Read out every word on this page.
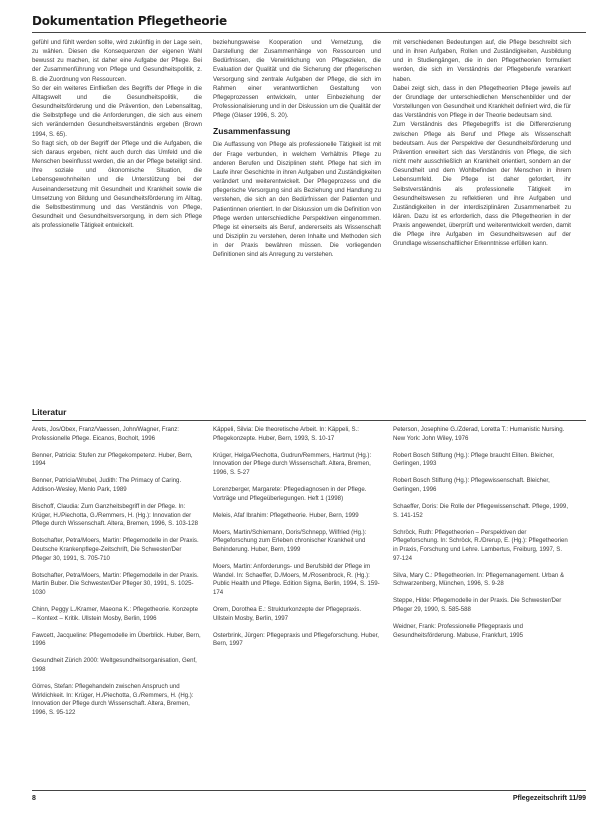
Dokumentation Pflegetheorie

gefühl und fühlt werden sollte, wird zukünftig in der Lage sein, zu wählen. Diesen die Konsequenzen der eigenen Wahl bewusst zu machen, ist daher eine Aufgabe der Pflege. Bei der Zusammenführung von Pflege und Gesundheitspolitik, z. B. die Zuordnung von Ressourcen.

So der ein weiteres Einfließen des Begriffs der Pflege in die Alltagswelt und die Gesundheitspolitik, die Gesundheitsförderung und die Prävention, den Lebensalltag, die Selbstpflege und die Anforderungen, die sich aus einem sich verändernden Gesundheitsverständnis ergeben (Brown 1994, S. 65).

So fragt sich, ob der Begriff der Pflege und die Aufgaben, die sich daraus ergeben, nicht auch durch das Umfeld und die Menschen beeinflusst werden, die an der Pflege beteiligt sind. Ihre soziale und ökonomische Situation, die Lebensgewohnheiten und die Unterstützung bei der Auseinandersetzung mit Gesundheit und Krankheit sowie die Umsetzung von Bildung und Gesundheitsförderung im Alltag, die Selbstbestimmung und das Verständnis von Pflege, Gesundheit und Gesundheitsversorgung, in dem sich Pflege als professionelle Tätigkeit entwickelt.

beziehungsweise Kooperation und Vernetzung, die Darstellung der Zusammenhänge von Ressourcen und Bedürfnissen, die Verwirklichung von Pflegezielen, die Evaluation der Qualität und die Sicherung der pflegerischen Versorgung sind zentrale Aufgaben der Pflege, die sich im Rahmen einer verantwortlichen Gestaltung von Pflegeprozessen entwickeln, unter Einbeziehung der Professionalisierung und in der Diskussion um die Qualität der Pflege (Glaser 1996, S. 20).

Zusammenfassung

Die Auffassung von Pflege als professionelle Tätigkeit ist mit der Frage verbunden, in welchem Verhältnis Pflege zu anderen Berufen und Disziplinen steht. Pflege hat sich im Laufe ihrer Geschichte in ihren Aufgaben und Zuständigkeiten verändert und weiterentwickelt. Der Pflegeprozess und die pflegerische Versorgung sind als Beziehung und Handlung zu verstehen, die sich an den Bedürfnissen der Patienten und Patientinnen orientiert. In der Diskussion um die Definition von Pflege werden unterschiedliche Perspektiven eingenommen. Pflege ist einerseits als Beruf, andererseits als Wissenschaft und Disziplin zu verstehen, deren Inhalte und Methoden sich in der Praxis bewähren müssen. Die vorliegenden Definitionen sind als Anregung zu verstehen.

mit verschiedenen Bedeutungen auf, die Pflege beschreibt sich und in ihren Aufgaben, Rollen und Zuständigkeiten, Ausbildung und in Studiengängen, die in den Pflegetheorien formuliert werden, die sich im Verständnis der Pflegeberufe verankert haben.

Dabei zeigt sich, dass in den Pflegetheorien Pflege jeweils auf der Grundlage der unterschiedlichen Menschenbilder und der Vorstellungen von Gesundheit und Krankheit definiert wird, die für das Verständnis von Pflege in der Theorie bedeutsam sind.

Zum Verständnis des Pflegebegriffs ist die Differenzierung zwischen Pflege als Beruf und Pflege als Wissenschaft bedeutsam. Aus der Perspektive der Gesundheitsförderung und Prävention erweitert sich das Verständnis von Pflege, die sich nicht mehr ausschließlich an Krankheit orientiert, sondern an der Gesundheit und dem Wohlbefinden der Menschen in ihrem Lebensumfeld. Die Pflege ist daher gefordert, ihr Selbstverständnis als professionelle Tätigkeit im Gesundheitswesen zu reflektieren und ihre Aufgaben und Zuständigkeiten in der interdisziplinären Zusammenarbeit zu klären. Dazu ist es erforderlich, dass die Pflegetheorien in der Praxis angewendet, überprüft und weiterentwickelt werden, damit die Pflege ihre Aufgaben im Gesundheitswesen auf der Grundlage wissenschaftlicher Erkenntnisse erfüllen kann.

Literatur

Arets, Jos/Obex, Franz/Vaessen, John/Wagner, Franz: Professionelle Pflege. Eicanos, Bocholt, 1996

Benner, Patricia: Stufen zur Pflegekompetenz. Huber, Bern, 1994

Benner, Patricia/Wrubel, Judith: The Primacy of Caring. Addison-Wesley, Menlo Park, 1989

Bischoff, Claudia: Zum Ganzheitsbegriff in der Pflege. In: Krüger, H./Piechotta, G./Remmers, H. (Hg.): Innovation der Pflege durch Wissenschaft. Altera, Bremen, 1996, S. 103-128

Botschafter, Petra/Moers, Martin: Pflegemodelle in der Praxis. Deutsche Krankenpflege-Zeitschrift, Die Schwester/Der Pfleger 30, 1991, S. 705-710

Botschafter, Petra/Moers, Martin: Pflegemodelle in der Praxis. Martin Buber. Die Schwester/Der Pfleger 30, 1991, S. 1025-1030

Chinn, Peggy L./Kramer, Maeona K.: Pflegetheorie. Konzepte – Kontext – Kritik. Ullstein Mosby, Berlin, 1996

Fawcett, Jacqueline: Pflegemodelle im Überblick. Huber, Bern, 1996

Gesundheit Zürich 2000: Weltgesundheitsorganisation, Genf, 1998

Görres, Stefan: Pflegehandeln zwischen Anspruch und Wirklichkeit. In: Krüger, H./Piechotta, G./Remmers, H. (Hg.): Innovation der Pflege durch Wissenschaft. Altera, Bremen, 1996, S. 95-122

Käppeli, Silvia: Die theoretische Arbeit. In: Käppeli, S.: Pflegekonzepte. Huber, Bern, 1993, S. 10-17

Krüger, Helga/Piechotta, Gudrun/Remmers, Hartmut (Hg.): Innovation der Pflege durch Wissenschaft. Altera, Bremen, 1996, S. 5-27

Lorenzberger, Margarete: Pflegediagnosen in der Pflege. Vorträge und Pflegeüberlegungen. Heft 1 (1998)

Meleis, Afaf Ibrahim: Pflegetheorie. Huber, Bern, 1999

Moers, Martin/Schiemann, Doris/Schnepp, Wilfried (Hg.): Pflegeforschung zum Erleben chronischer Krankheit und Behinderung. Huber, Bern, 1999

Moers, Martin: Anforderungs- und Berufsbild der Pflege im Wandel. In: Schaeffer, D./Moers, M./Rosenbrock, R. (Hg.): Public Health und Pflege. Edition Sigma, Berlin, 1994, S. 159-174

Orem, Dorothea E.: Strukturkonzepte der Pflegepraxis. Ullstein Mosby, Berlin, 1997

Osterbrink, Jürgen: Pflegepraxis und Pflegeforschung. Huber, Bern, 1997

Peterson, Josephine G./Zderad, Loretta T.: Humanistic Nursing. New York: John Wiley, 1976

Robert Bosch Stiftung (Hg.): Pflege braucht Eliten. Bleicher, Gerlingen, 1993

Robert Bosch Stiftung (Hg.): Pflegewissenschaft. Bleicher, Gerlingen, 1996

Schaeffer, Doris: Die Rolle der Pflegewissenschaft. Pflege, 1999, S. 141-152

Schröck, Ruth: Pflegetheorien – Perspektiven der Pflegeforschung. In: Schröck, R./Drerup, E. (Hg.): Pflegetheorien in Praxis, Forschung und Lehre. Lambertus, Freiburg, 1997, S. 97-124

Silva, Mary C.: Pflegetheorien. In: Pflegemanagement. Urban & Schwarzenberg, München, 1996, S. 9-28

Steppe, Hilde: Pflegemodelle in der Praxis. Die Schwester/Der Pfleger 29, 1990, S. 585-588

Weidner, Frank: Professionelle Pflegepraxis und Gesundheitsförderung. Mabuse, Frankfurt, 1995

8	Pflegezeitschrift 11/99
